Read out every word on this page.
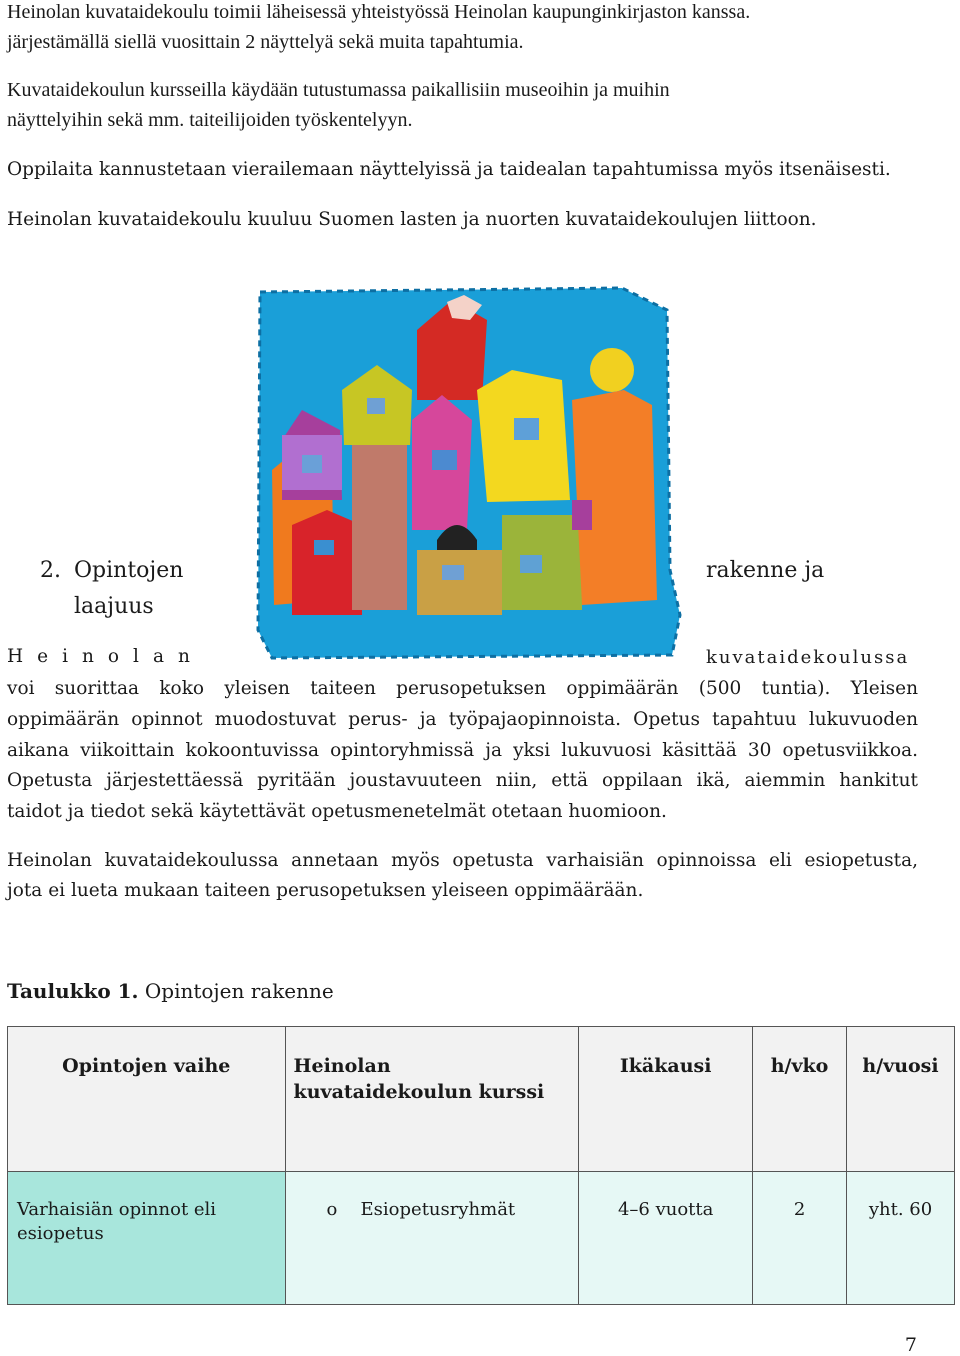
Heinolan kuvataidekoulu toimii läheisessä yhteistyössä Heinolan kaupunginkirjaston kanssa.
järjestämällä siellä vuosittain 2 näyttelyä sekä muita tapahtumia.
Kuvataidekoulun kursseilla käydään tutustumassa paikallisiin museoihin ja muihin
näyttelyihin sekä mm. taiteilijoiden työskentelyyn.
Oppilaita kannustetaan vierailemaan näyttelyissä ja taidealan tapahtumissa myös itsenäisesti.
Heinolan kuvataidekoulu kuuluu Suomen lasten ja nuorten kuvataidekoulujen liittoon.
2. Opintojen	rakenne ja
laajuus
Heinolan	kuvataidekoulussa
voi suorittaa koko yleisen taiteen perusopetuksen oppimäärän (500 tuntia). Yleisen
oppimäärän opinnot muodostuvat perus- ja työpajaopinnoista. Opetus tapahtuu lukuvuoden
aikana viikoittain kokoontuvissa opintoryhmissä ja yksi lukuvuosi käsittää 30 opetusviikkoa.
Opetusta järjestettäessä pyritään joustavuuteen niin, että oppilaan ikä, aiemmin hankitut
taidot ja tiedot sekä käytettävät opetusmenetelmät otetaan huomioon.
Heinolan kuvataidekoulussa annetaan myös opetusta varhaisiän opinnoissa eli esiopetusta,
jota ei lueta mukaan taiteen perusopetuksen yleiseen oppimäärään.
Taulukko 1. Opintojen rakenne
Opintojen vaihe	Heinolan kuvataidekoulun kurssi	Ikäkausi	h/vko	h/vuosi
Varhaisiän opinnot eli esiopetus	o Esiopetusryhmät	4–6 vuotta	2	yht. 60
7
